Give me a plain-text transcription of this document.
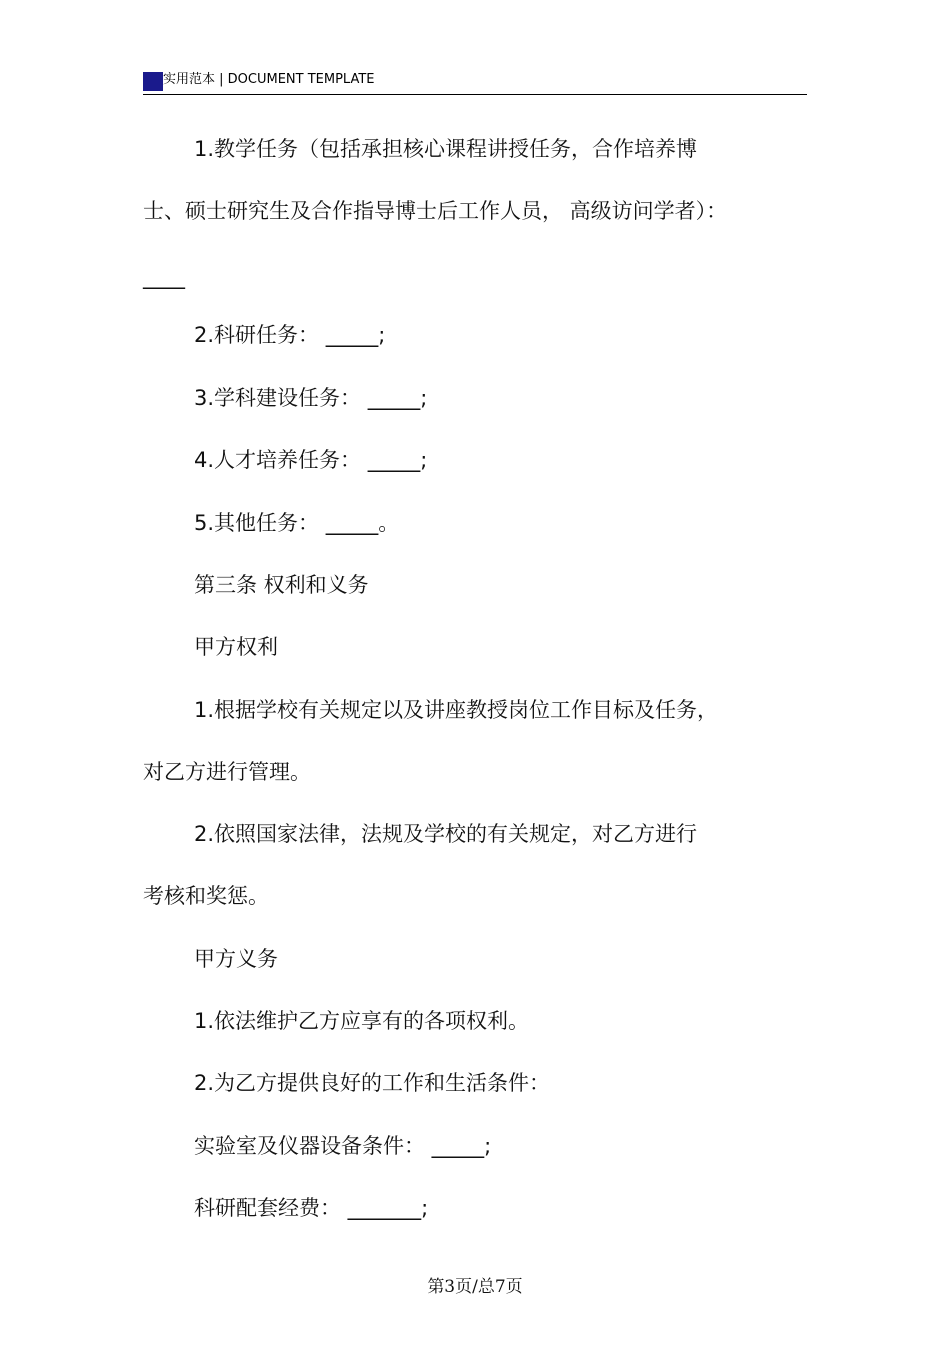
实用范本 | DOCUMENT TEMPLATE
1.教学任务（包括承担核心课程讲授任务，合作培养博
士、硕士研究生及合作指导博士后工作人员， 高级访问学者）：
____
2.科研任务： _____;
3.学科建设任务： _____;
4.人才培养任务： _____;
5.其他任务： _____。
第三条 权利和义务
甲方权利
1.根据学校有关规定以及讲座教授岗位工作目标及任务，
对乙方进行管理。
2.依照国家法律，法规及学校的有关规定，对乙方进行
考核和奖惩。
甲方义务
1.依法维护乙方应享有的各项权利。
2.为乙方提供良好的工作和生活条件：
实验室及仪器设备条件： _____;
科研配套经费： _______;
第3页/总7页
